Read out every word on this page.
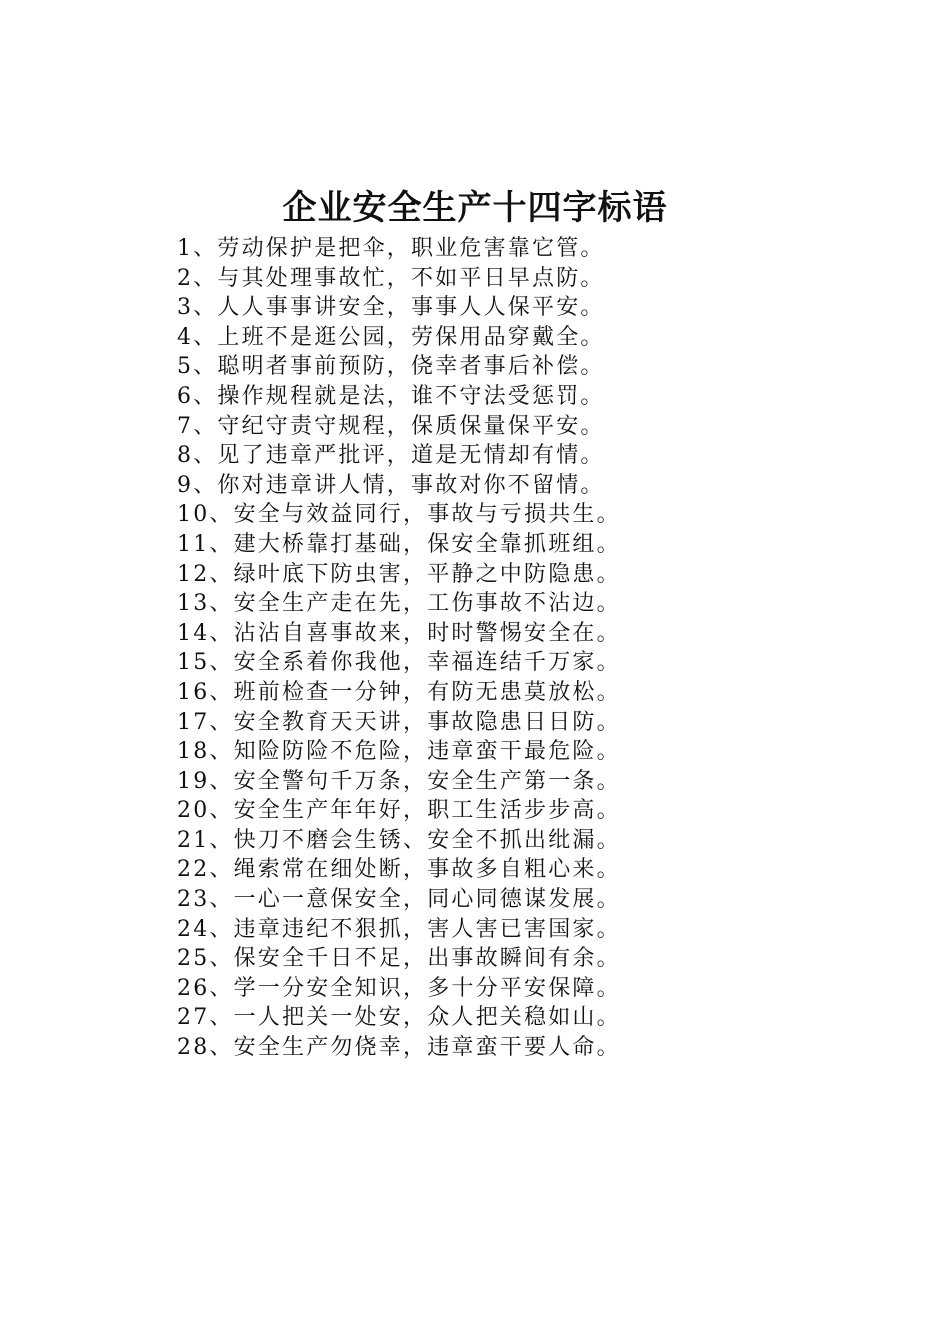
企业安全生产十四字标语
1、劳动保护是把伞，职业危害靠它管。
2、与其处理事故忙，不如平日早点防。
3、人人事事讲安全，事事人人保平安。
4、上班不是逛公园，劳保用品穿戴全。
5、聪明者事前预防，侥幸者事后补偿。
6、操作规程就是法，谁不守法受惩罚。
7、守纪守责守规程，保质保量保平安。
8、见了违章严批评，道是无情却有情。
9、你对违章讲人情，事故对你不留情。
10、安全与效益同行，事故与亏损共生。
11、建大桥靠打基础，保安全靠抓班组。
12、绿叶底下防虫害，平静之中防隐患。
13、安全生产走在先，工伤事故不沾边。
14、沾沾自喜事故来，时时警惕安全在。
15、安全系着你我他，幸福连结千万家。
16、班前检查一分钟，有防无患莫放松。
17、安全教育天天讲，事故隐患日日防。
18、知险防险不危险，违章蛮干最危险。
19、安全警句千万条，安全生产第一条。
20、安全生产年年好，职工生活步步高。
21、快刀不磨会生锈、安全不抓出纰漏。
22、绳索常在细处断，事故多自粗心来。
23、一心一意保安全，同心同德谋发展。
24、违章违纪不狠抓，害人害已害国家。
25、保安全千日不足，出事故瞬间有余。
26、学一分安全知识，多十分平安保障。
27、一人把关一处安，众人把关稳如山。
28、安全生产勿侥幸，违章蛮干要人命。
